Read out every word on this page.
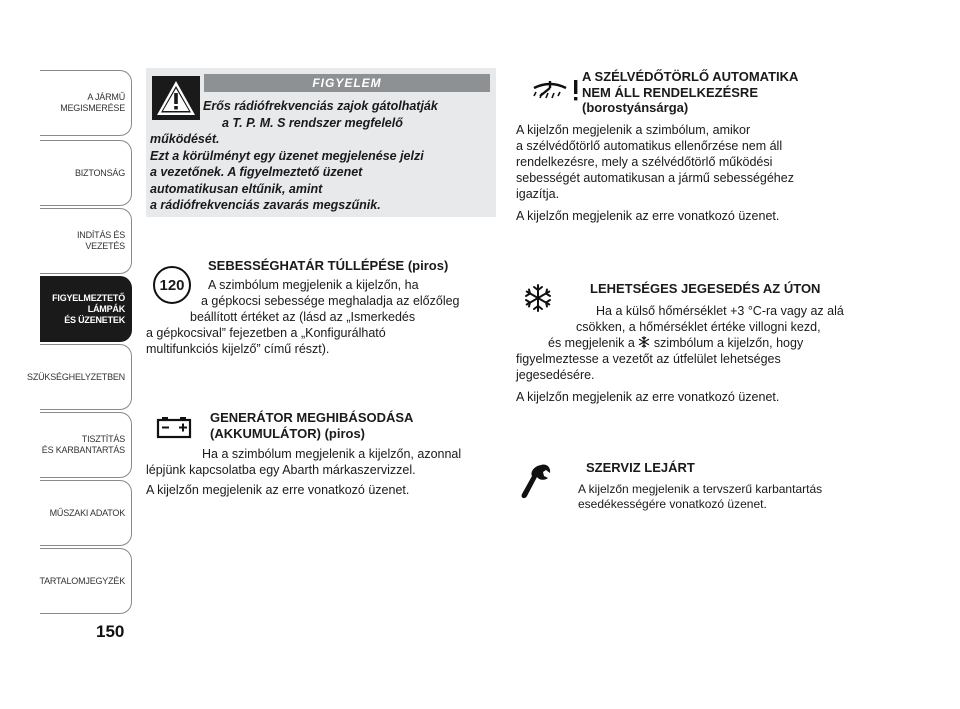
A JÁRMŰ
MEGISMERÉSE
BIZTONSÁG
INDÍTÁS ÉS VEZETÉS
FIGYELMEZTETŐ
LÁMPÁK
ÉS ÜZENETEK
SZÜKSÉGHELYZETBEN
TISZTÍTÁS
ÉS KARBANTARTÁS
MŰSZAKI ADATOK
TARTALOMJEGYZÉK
150
FIGYELEM

Erős rádiófrekvenciás zajok gátolhatják
a T. P. M. S rendszer megfelelő
működését.
Ezt a körülményt egy üzenet megjelenése jelzi
a vezetőnek. A figyelmeztető üzenet
automatikusan eltűnik, amint
a rádiófrekvenciás zavarás megszűnik.

120

SEBESSÉGHATÁR TÚLLÉPÉSE (piros)

A szimbólum megjelenik a kijelzőn, ha
a gépkocsi sebessége meghaladja az előzőleg
beállított értéket az (lásd az „Ismerkedés
a gépkocsival” fejezetben a „Konfigurálható
multifunkciós kijelző” című részt).

GENERÁTOR MEGHIBÁSODÁSA
(AKKUMULÁTOR) (piros)

Ha a szimbólum megjelenik a kijelzőn, azonnal
lépjünk kapcsolatba egy Abarth márkaszervizzel.
A kijelzőn megjelenik az erre vonatkozó üzenet.

A SZÉLVÉDŐTÖRLŐ AUTOMATIKA
NEM ÁLL RENDELKEZÉSRE
(borostyánsárga)

A kijelzőn megjelenik a szimbólum, amikor
a szélvédőtörlő automatikus ellenőrzése nem áll
rendelkezésre, mely a szélvédőtörlő működési
sebességét automatikusan a jármű sebességéhez
igazítja.
A kijelzőn megjelenik az erre vonatkozó üzenet.

LEHETSÉGES JEGESEDÉS AZ ÚTON

Ha a külső hőmérséklet +3 °C-ra vagy az alá
csökken, a hőmérséklet értéke villogni kezd,
és megjelenik a szimbólum a kijelzőn, hogy
figyelmeztesse a vezetőt az útfelület lehetséges
jegesedésére.
A kijelzőn megjelenik az erre vonatkozó üzenet.

SZERVIZ LEJÁRT

A kijelzőn megjelenik a tervszerű karbantartás
esedékességére vonatkozó üzenet.
